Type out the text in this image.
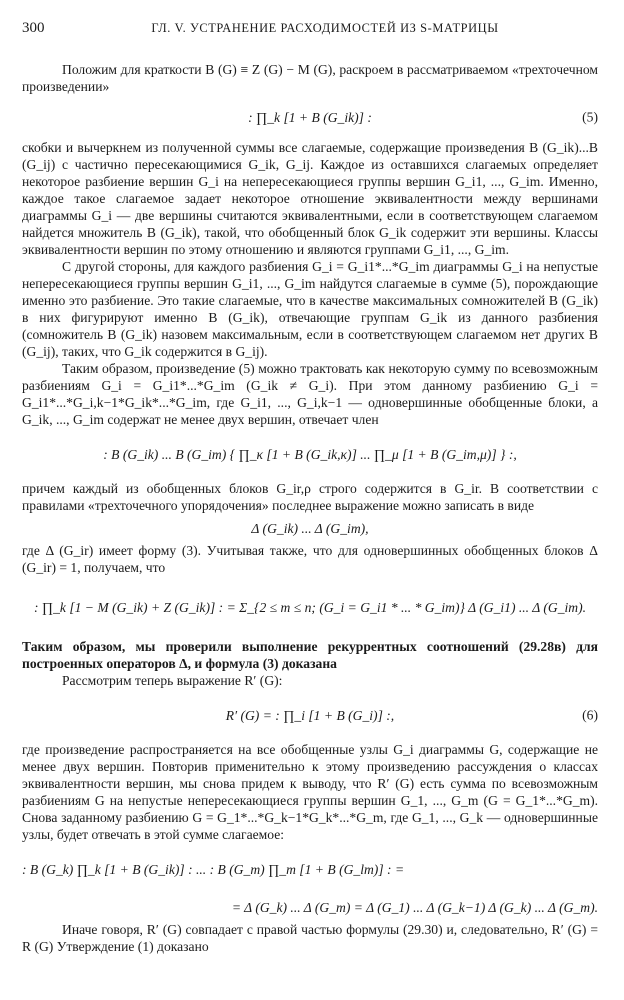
300	ГЛ. V. УСТРАНЕНИЕ РАСХОДИМОСТЕЙ ИЗ S-МАТРИЦЫ

Положим для краткости B (G) ≡ Z (G) − M (G), раскроем в рассматриваемом «трехточечном произведении»

: ∏_k [1 + B (G_ik)] :	(5)

скобки и вычеркнем из полученной суммы все слагаемые, содержащие произведения B (G_ik)...B (G_ij) с частично пересекающимися G_ik, G_ij. Каждое из оставшихся слагаемых определяет некоторое разбиение вершин G_i на непересекающиеся группы вершин G_i1, ..., G_im. Именно, каждое такое слагаемое задает некоторое отношение эквивалентности между вершинами диаграммы G_i — две вершины считаются эквивалентными, если в соответствующем слагаемом найдется множитель B (G_ik), такой, что обобщенный блок G_ik содержит эти вершины. Классы эквивалентности вершин по этому отношению и являются группами G_i1, ..., G_im.

С другой стороны, для каждого разбиения G_i = G_i1*...*G_im диаграммы G_i на непустые непересекающиеся группы вершин G_i1, ..., G_im найдутся слагаемые в сумме (5), порождающие именно это разбиение. Это такие слагаемые, что в качестве максимальных сомножителей B (G_ik) в них фигурируют именно B (G_ik), отвечающие группам G_ik из данного разбиения (сомножитель B (G_ik) назовем максимальным, если в соответствующем слагаемом нет других B (G_ij), таких, что G_ik содержится в G_ij).

Таким образом, произведение (5) можно трактовать как некоторую сумму по всевозможным разбиениям G_i = G_i1*...*G_im (G_ik ≠ G_i). При этом данному разбиению G_i = G_i1*...*G_i,k−1*G_ik*...*G_im, где G_i1, ..., G_i,k−1 — одновершинные обобщенные блоки, а G_ik, ..., G_im содержат не менее двух вершин, отвечает член

: B (G_ik) ... B (G_im) { ∏_κ [1 + B (G_ik,κ)] ... ∏_μ [1 + B (G_im,μ)] } :,

причем каждый из обобщенных блоков G_ir,ρ строго содержится в G_ir. В соответствии с правилами «трехточечного упорядочения» последнее выражение можно записать в виде

Δ (G_ik) ... Δ (G_im),

где Δ (G_ir) имеет форму (3). Учитывая также, что для одновершинных обобщенных блоков Δ (G_ir) = 1, получаем, что

: ∏_k [1 − M (G_ik) + Z (G_ik)] : = Σ_{2 ≤ m ≤ n; (G_i = G_i1 * ... * G_im)} Δ (G_i1) ... Δ (G_im).

Таким образом, мы проверили выполнение рекуррентных соотношений (29.28в) для построенных операторов Δ, и формула (3) доказана

Рассмотрим теперь выражение R′ (G):

R′ (G) = : ∏_i [1 + B (G_i)] :,	(6)

где произведение распространяется на все обобщенные узлы G_i диаграммы G, содержащие не менее двух вершин. Повторив применительно к этому произведению рассуждения о классах эквивалентности вершин, мы снова придем к выводу, что R′ (G) есть сумма по всевозможным разбиениям G на непустые непересекающиеся группы вершин G_1, ..., G_m (G = G_1*...*G_m). Снова заданному разбиению G = G_1*...*G_k−1*G_k*...*G_m, где G_1, ..., G_k — одновершинные узлы, будет отвечать в этой сумме слагаемое:

: B (G_k) ∏_k [1 + B (G_ik)] : ... : B (G_m) ∏_m [1 + B (G_lm)] : =
= Δ (G_k) ... Δ (G_m) = Δ (G_1) ... Δ (G_k−1) Δ (G_k) ... Δ (G_m).

Иначе говоря, R′ (G) совпадает с правой частью формулы (29.30) и, следовательно, R′ (G) = R (G) Утверждение (1) доказано
